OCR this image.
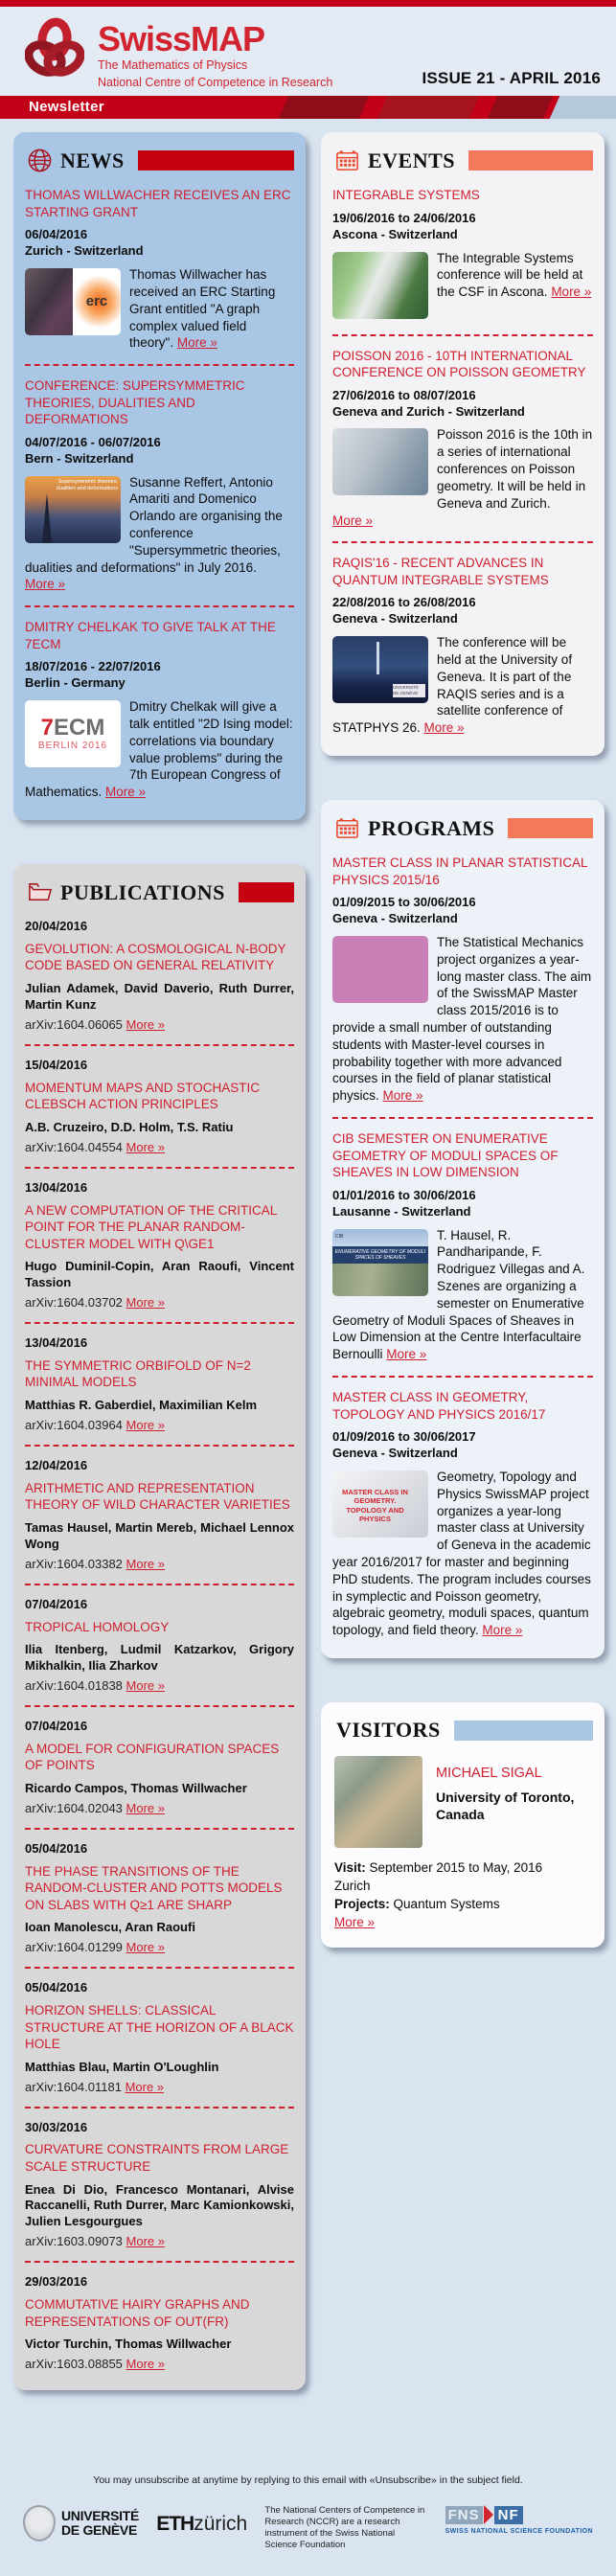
SwissMAP
The Mathematics of Physics
National Centre of Competence in Research	ISSUE 21 - APRIL 2016
Newsletter
NEWS
THOMAS WILLWACHER RECEIVES AN ERC STARTING GRANT
06/04/2016
Zurich - Switzerland
erc
Thomas Willwacher has received an ERC Starting Grant entitled "A graph complex valued field theory". More »
CONFERENCE: SUPERSYMMETRIC THEORIES, DUALITIES AND DEFORMATIONS
04/07/2016 - 06/07/2016
Bern - Switzerland
Supersymmetric theories, dualities and deformations Susanne Reffert, Antonio Amariti and Domenico Orlando are organising the conference "Supersymmetric theories, dualities and deformations" in July 2016. More »
DMITRY CHELKAK TO GIVE TALK AT THE 7ECM
18/07/2016 - 22/07/2016
Berlin - Germany
7ECM
BERLIN 2016
Dmitry Chelkak will give a talk entitled "2D Ising model: correlations via boundary value problems" during the 7th European Congress of Mathematics. More »
PUBLICATIONS
20/04/2016
GEVOLUTION: A COSMOLOGICAL N-BODY CODE BASED ON GENERAL RELATIVITY
Julian Adamek, David Daverio, Ruth Durrer, Martin Kunz
arXiv:1604.06065 More »
15/04/2016
MOMENTUM MAPS AND STOCHASTIC CLEBSCH ACTION PRINCIPLES
A.B. Cruzeiro, D.D. Holm, T.S. Ratiu
arXiv:1604.04554 More »
13/04/2016
A NEW COMPUTATION OF THE CRITICAL POINT FOR THE PLANAR RANDOM-CLUSTER MODEL WITH Q\GE1
Hugo Duminil-Copin, Aran Raoufi, Vincent Tassion
arXiv:1604.03702 More »
13/04/2016
THE SYMMETRIC ORBIFOLD OF N=2 MINIMAL MODELS
Matthias R. Gaberdiel, Maximilian Kelm
arXiv:1604.03964 More »
12/04/2016
ARITHMETIC AND REPRESENTATION THEORY OF WILD CHARACTER VARIETIES
Tamas Hausel, Martin Mereb, Michael Lennox Wong
arXiv:1604.03382 More »
07/04/2016
TROPICAL HOMOLOGY
Ilia Itenberg, Ludmil Katzarkov, Grigory Mikhalkin, Ilia Zharkov
arXiv:1604.01838 More »
07/04/2016
A MODEL FOR CONFIGURATION SPACES OF POINTS
Ricardo Campos, Thomas Willwacher
arXiv:1604.02043 More »
05/04/2016
THE PHASE TRANSITIONS OF THE RANDOM-CLUSTER AND POTTS MODELS ON SLABS WITH Q≥1 ARE SHARP
Ioan Manolescu, Aran Raoufi
arXiv:1604.01299 More »
05/04/2016
HORIZON SHELLS: CLASSICAL STRUCTURE AT THE HORIZON OF A BLACK HOLE
Matthias Blau, Martin O'Loughlin
arXiv:1604.01181 More »
30/03/2016
CURVATURE CONSTRAINTS FROM LARGE SCALE STRUCTURE
Enea Di Dio, Francesco Montanari, Alvise Raccanelli, Ruth Durrer, Marc Kamionkowski, Julien Lesgourgues
arXiv:1603.09073 More »
29/03/2016
COMMUTATIVE HAIRY GRAPHS AND REPRESENTATIONS OF OUT(FR)
Victor Turchin, Thomas Willwacher
arXiv:1603.08855 More »
EVENTS
INTEGRABLE SYSTEMS
19/06/2016 to 24/06/2016
Ascona - Switzerland
The Integrable Systems conference will be held at the CSF in Ascona. More »
POISSON 2016 - 10TH INTERNATIONAL CONFERENCE ON POISSON GEOMETRY
27/06/2016 to 08/07/2016
Geneva and Zurich - Switzerland
Poisson 2016 is the 10th in a series of international conferences on Poisson geometry. It will be held in Geneva and Zurich. More »
RAQIS'16 - RECENT ADVANCES IN QUANTUM INTEGRABLE SYSTEMS
22/08/2016 to 26/08/2016
Geneva - Switzerland
UNIVERSITÉ DE GENÈVE
The conference will be held at the University of Geneva. It is part of the RAQIS series and is a satellite conference of STATPHYS 26. More »
PROGRAMS
MASTER CLASS IN PLANAR STATISTICAL PHYSICS 2015/16
01/09/2015 to 30/06/2016
Geneva - Switzerland
The Statistical Mechanics project organizes a year-long master class. The aim of the SwissMAP Master class 2015/2016 is to provide a small number of outstanding students with Master-level courses in probability together with more advanced courses in the field of planar statistical physics. More »
CIB SEMESTER ON ENUMERATIVE GEOMETRY OF MODULI SPACES OF SHEAVES IN LOW DIMENSION
01/01/2016 to 30/06/2016
Lausanne - Switzerland
CIB
ENUMERATIVE GEOMETRY OF MODULI SPACES OF SHEAVES
T. Hausel, R. Pandharipande, F. Rodriguez Villegas and A. Szenes are organizing a semester on Enumerative Geometry of Moduli Spaces of Sheaves in Low Dimension at the Centre Interfacultaire Bernoulli More »
MASTER CLASS IN GEOMETRY, TOPOLOGY AND PHYSICS 2016/17
01/09/2016 to 30/06/2017
Geneva - Switzerland
MASTER CLASS IN GEOMETRY. TOPOLOGY AND PHYSICS
Geometry, Topology and Physics SwissMAP project organizes a year-long master class at University of Geneva in the academic year 2016/2017 for master and beginning PhD students. The program includes courses in symplectic and Poisson geometry, algebraic geometry, moduli spaces, quantum topology, and field theory. More »
VISITORS
MICHAEL SIGAL
University of Toronto, Canada
Visit: September 2015 to May, 2016
Zurich
Projects: Quantum Systems
More »
You may unsubscribe at anytime by replying to this email with «Unsubscribe» in the subject field.
UNIVERSITÉ
DE GENÈVE ETHzürich
The National Centers of Competence in Research (NCCR) are a research instrument of the Swiss National Science Foundation
FNS NF
SWISS NATIONAL SCIENCE FOUNDATION
